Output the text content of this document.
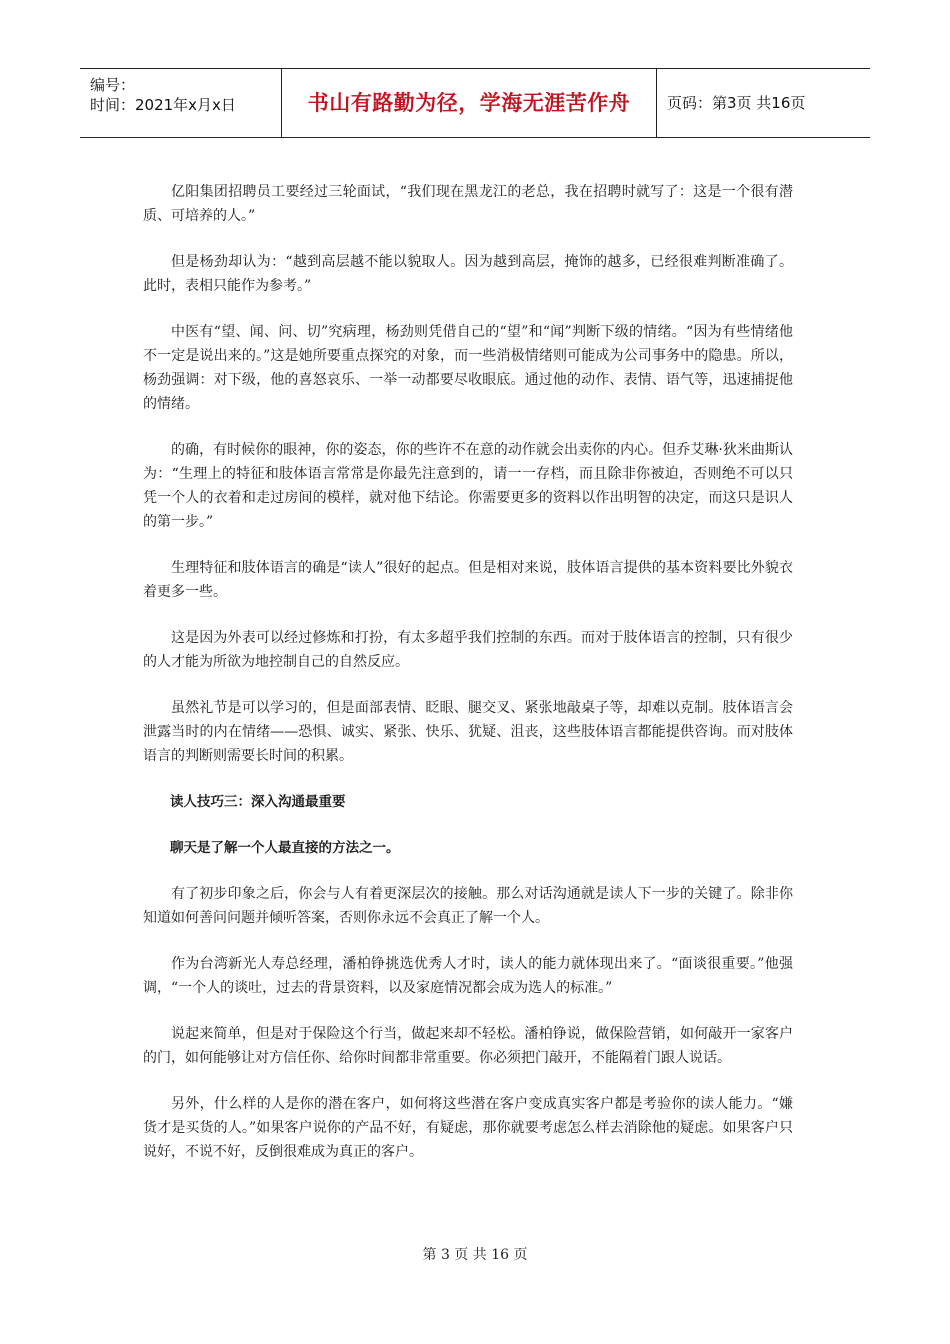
编号：
时间：2021年x月x日	书山有路勤为径，学海无涯苦作舟	页码：第3页 共16页

亿阳集团招聘员工要经过三轮面试，“我们现在黑龙江的老总，我在招聘时就写了：这是一个很有潜质、可培养的人。”

但是杨劲却认为：“越到高层越不能以貌取人。因为越到高层，掩饰的越多，已经很难判断准确了。此时，表相只能作为参考。”

中医有“望、闻、问、切”究病理，杨劲则凭借自己的“望”和“闻”判断下级的情绪。“因为有些情绪他不一定是说出来的。”这是她所要重点探究的对象，而一些消极情绪则可能成为公司事务中的隐患。所以，杨劲强调：对下级，他的喜怒哀乐、一举一动都要尽收眼底。通过他的动作、表情、语气等，迅速捕捉他的情绪。

的确，有时候你的眼神，你的姿态，你的些许不在意的动作就会出卖你的内心。但乔艾琳·狄米曲斯认为：“生理上的特征和肢体语言常常是你最先注意到的，请一一存档，而且除非你被迫，否则绝不可以只凭一个人的衣着和走过房间的模样，就对他下结论。你需要更多的资料以作出明智的决定，而这只是识人的第一步。”

生理特征和肢体语言的确是“读人”很好的起点。但是相对来说，肢体语言提供的基本资料要比外貌衣着更多一些。

这是因为外表可以经过修炼和打扮，有太多超乎我们控制的东西。而对于肢体语言的控制，只有很少的人才能为所欲为地控制自己的自然反应。

虽然礼节是可以学习的，但是面部表情、眨眼、腿交叉、紧张地敲桌子等，却难以克制。肢体语言会泄露当时的内在情绪——恐惧、诚实、紧张、快乐、犹疑、沮丧，这些肢体语言都能提供咨询。而对肢体语言的判断则需要长时间的积累。

读人技巧三：深入沟通最重要

聊天是了解一个人最直接的方法之一。

有了初步印象之后，你会与人有着更深层次的接触。那么对话沟通就是读人下一步的关键了。除非你知道如何善问问题并倾听答案，否则你永远不会真正了解一个人。

作为台湾新光人寿总经理，潘柏铮挑选优秀人才时，读人的能力就体现出来了。“面谈很重要。”他强调，“一个人的谈吐，过去的背景资料，以及家庭情况都会成为选人的标准。”

说起来简单，但是对于保险这个行当，做起来却不轻松。潘柏铮说，做保险营销，如何敲开一家客户的门，如何能够让对方信任你、给你时间都非常重要。你必须把门敲开，不能隔着门跟人说话。

另外，什么样的人是你的潜在客户，如何将这些潜在客户变成真实客户都是考验你的读人能力。“嫌货才是买货的人。”如果客户说你的产品不好，有疑虑，那你就要考虑怎么样去消除他的疑虑。如果客户只说好，不说不好，反倒很难成为真正的客户。

第 3 页 共 16 页
